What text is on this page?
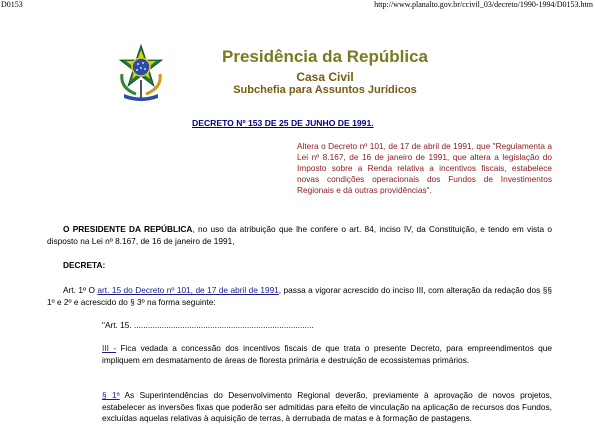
D0153	http://www.planalto.gov.br/ccivil_03/decreto/1990-1994/D0153.htm
Presidência da República
Casa Civil
Subchefia para Assuntos Jurídicos
DECRETO Nº 153 DE 25 DE JUNHO DE 1991.
Altera o Decreto nº 101, de 17 de abril de 1991, que "Regulamenta a Lei nº 8.167, de 16 de janeiro de 1991, que altera a legislação do Imposto sobre a Renda relativa a incentivos fiscais, estabelece novas condições operacionais dos Fundos de Investimentos Regionais e dá outras providências".
O PRESIDENTE DA REPÚBLICA, no uso da atribuição que lhe confere o art. 84, inciso IV, da Constituição, e tendo em vista o disposto na Lei nº 8.167, de 16 de janeiro de 1991,
DECRETA:
Art. 1º O art. 15 do Decreto nº 101, de 17 de abril de 1991, passa a vigorar acrescido do inciso III, com alteração da redação dos §§ 1º e 2º e acrescido do § 3º na forma seguinte:
"Art. 15. ..............................................................................
III - Fica vedada a concessão dos incentivos fiscais de que trata o presente Decreto, para empreendimentos que impliquem em desmatamento de áreas de floresta primária e destruição de ecossistemas primários.
§ 1º As Superintendências do Desenvolvimento Regional deverão, previamente à aprovação de novos projetos, estabelecer as inversões fixas que poderão ser admitidas para efeito de vinculação na aplicação de recursos dos Fundos, excluídas aquelas relativas à aquisição de terras, à derrubada de matas e à formação de pastagens.
